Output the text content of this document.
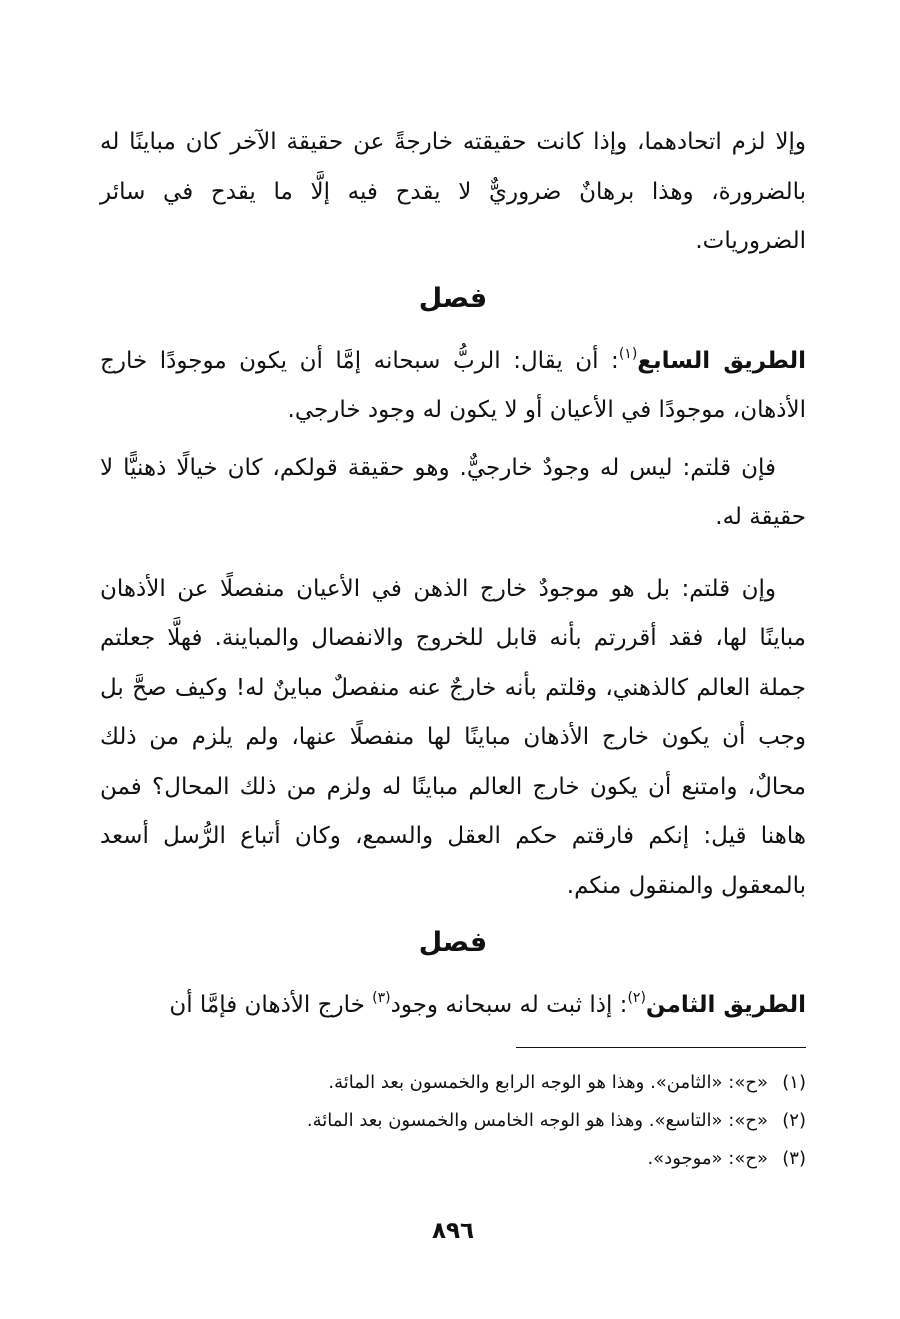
وإلا لزم اتحادهما، وإذا كانت حقيقته خارجةً عن حقيقة الآخر كان مباينًا له بالضرورة، وهذا برهانٌ ضروريٌّ لا يقدح فيه إلَّا ما يقدح في سائر الضروريات.

فصل

الطريق السابع$^{(١)}$: أن يقال: الربُّ سبحانه إمَّا أن يكون موجودًا خارج الأذهان، موجودًا في الأعيان أو لا يكون له وجود خارجي.

فإن قلتم: ليس له وجودٌ خارجيٌّ. وهو حقيقة قولكم، كان خيالًا ذهنيًّا لا حقيقة له.

وإن قلتم: بل هو موجودٌ خارج الذهن في الأعيان منفصلًا عن الأذهان مباينًا لها، فقد أقررتم بأنه قابل للخروج والانفصال والمباينة. فهلَّا جعلتم جملة العالم كالذهني، وقلتم بأنه خارجٌ عنه منفصلٌ مباينٌ له! وكيف صحَّ بل وجب أن يكون خارج الأذهان مباينًا لها منفصلًا عنها، ولم يلزم من ذلك محالٌ، وامتنع أن يكون خارج العالم مباينًا له ولزم من ذلك المحال؟ فمن هاهنا قيل: إنكم فارقتم حكم العقل والسمع، وكان أتباع الرُّسل أسعد بالمعقول والمنقول منكم.

فصل

الطريق الثامن$^{(٢)}$: إذا ثبت له سبحانه وجود$^{(٣)}$ خارج الأذهان فإمَّا أن

(١)
«ح»: «الثامن». وهذا هو الوجه الرابع والخمسون بعد المائة.

(٢)
«ح»: «التاسع». وهذا هو الوجه الخامس والخمسون بعد المائة.

(٣)
«ح»: «موجود».

٨٩٦
